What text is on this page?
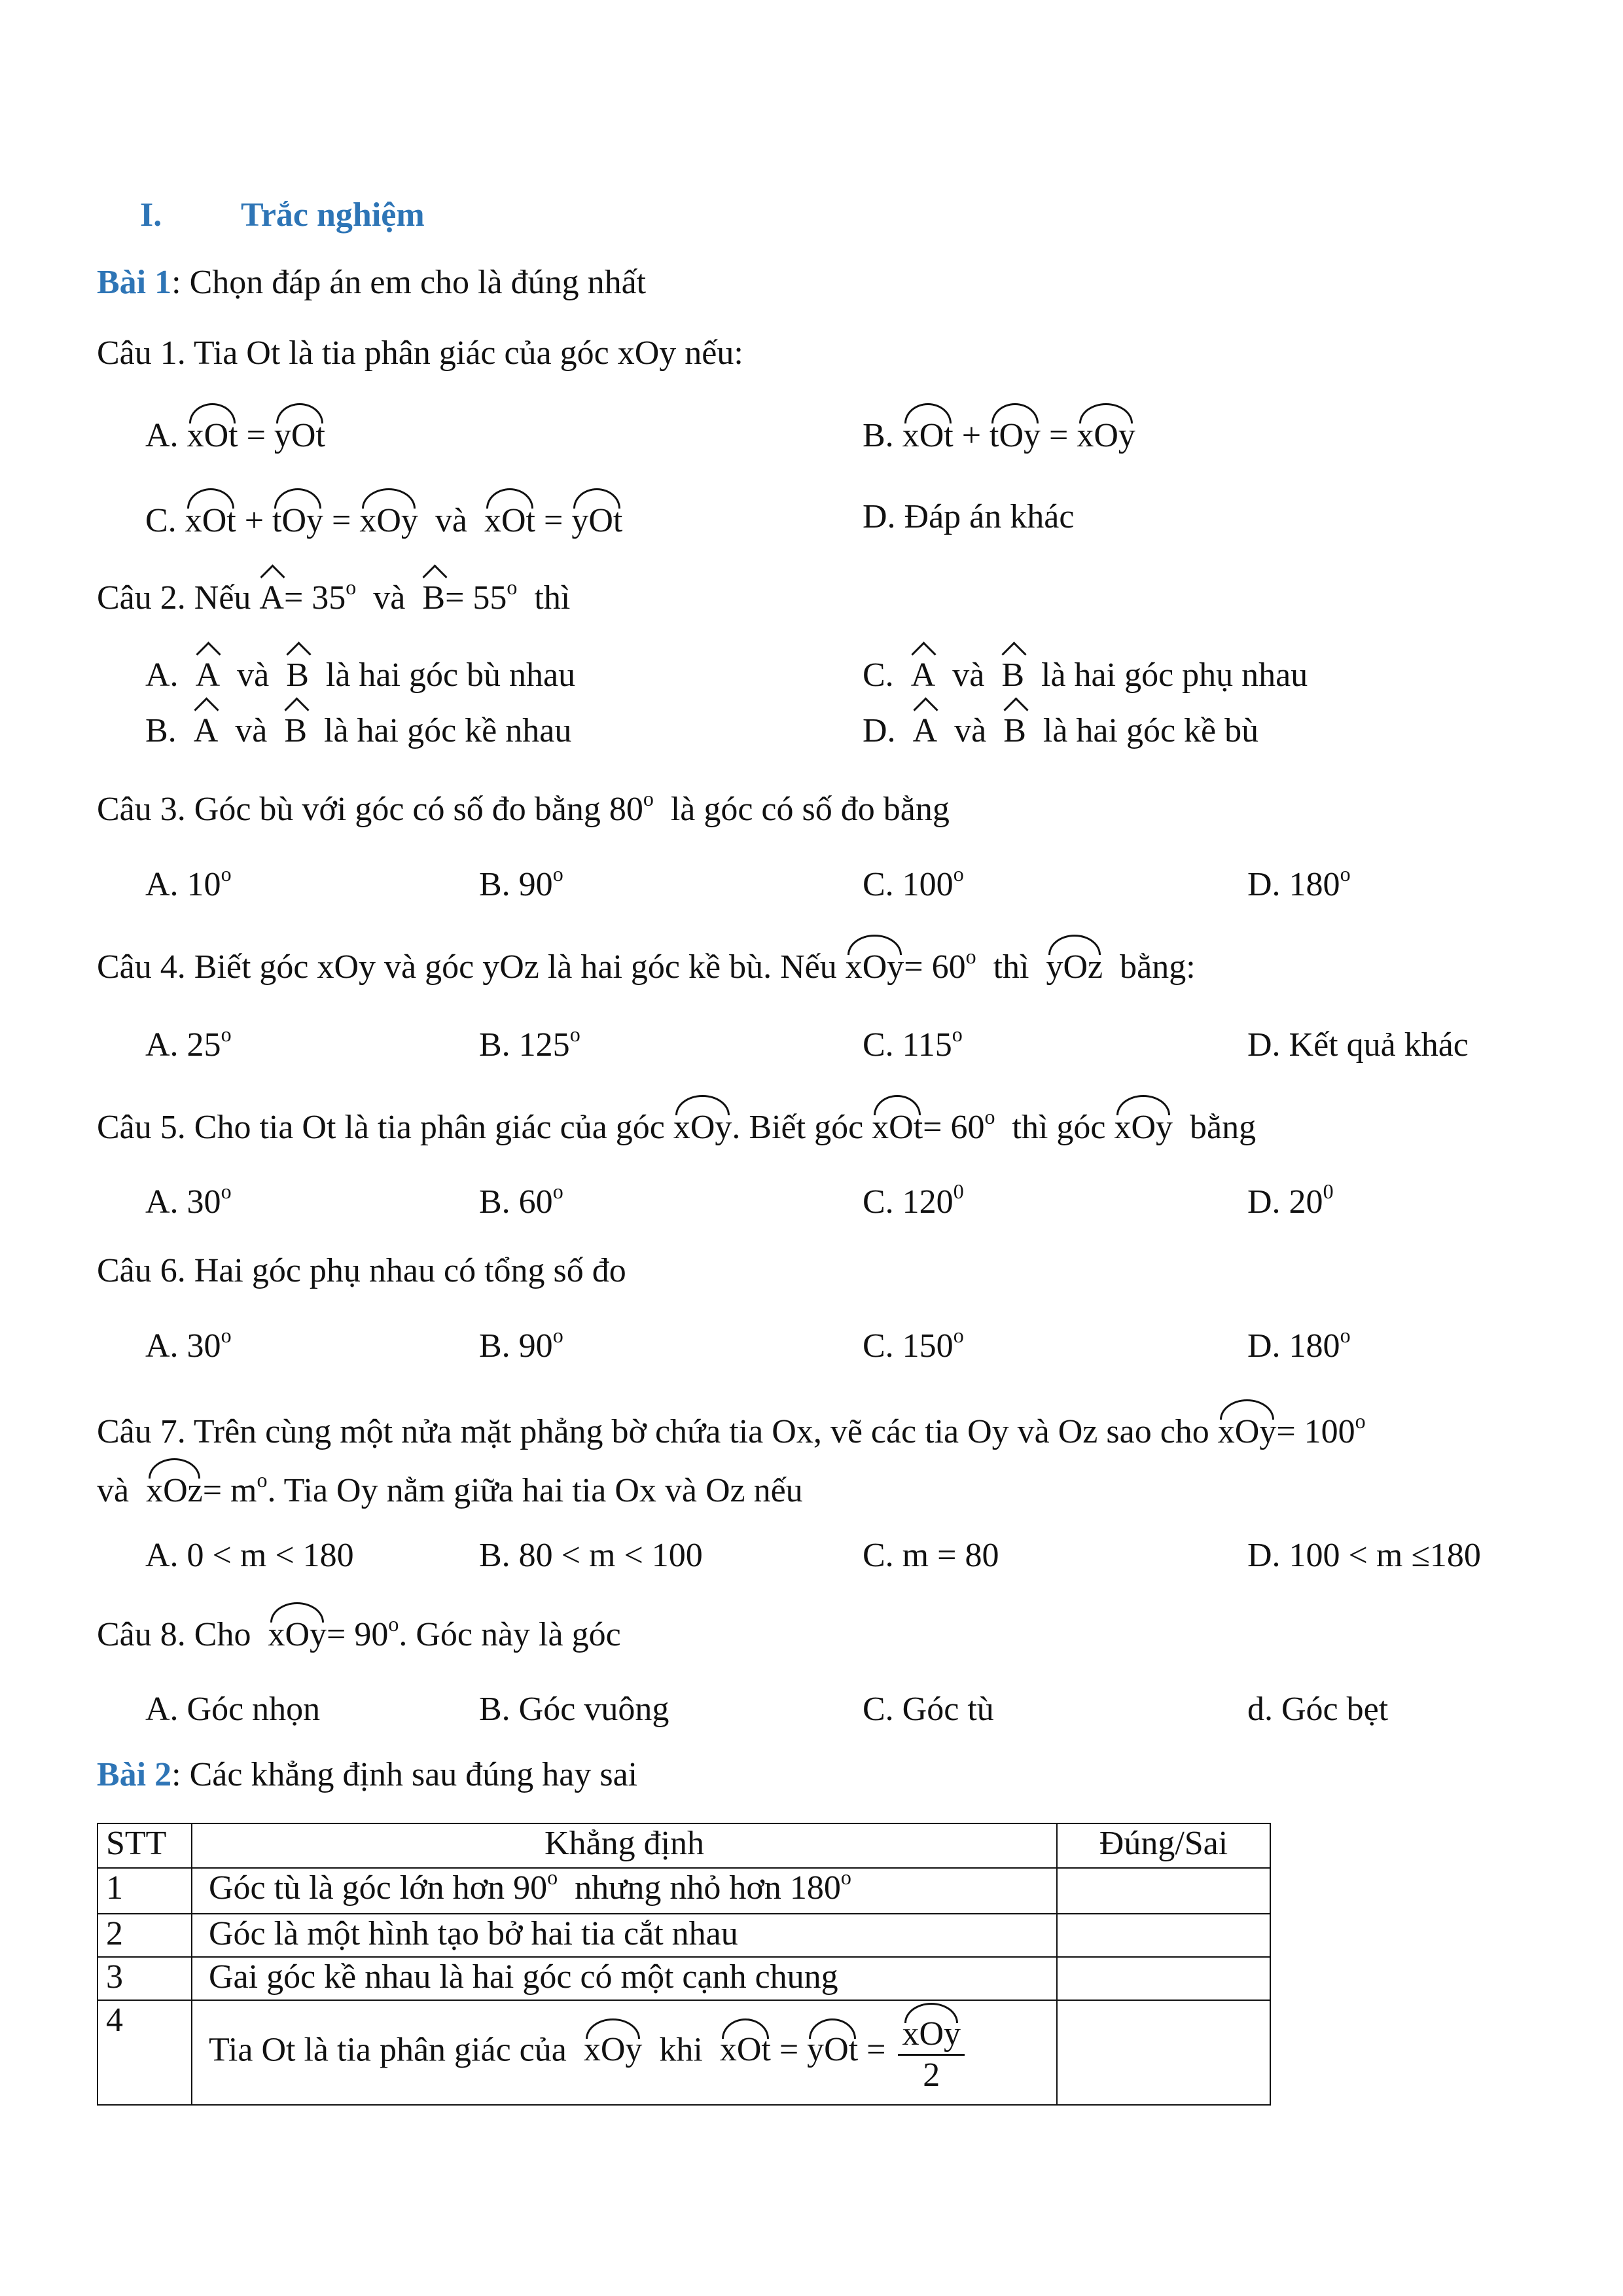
I. Trắc nghiệm
Bài 1: Chọn đáp án em cho là đúng nhất
Câu 1. Tia Ot là tia phân giác của góc xOy nếu:
A. xOt = yOt	B. xOt + tOy = xOy
C. xOt + tOy = xOy và xOt = yOt	D. Đáp án khác
Câu 2. Nếu $A= 35^o$ và $B= 55^o$ thì
A. A và B là hai góc bù nhau
B. A và B là hai góc kề nhau
C. A và B là hai góc phụ nhau
D. A và B là hai góc kề bù
Câu 3. Góc bù với góc có số đo bằng 80$^o$ là góc có số đo bằng
A. 10$^o$	B. 90$^o$	C. 100$^o$	D. 180$^o$
Câu 4. Biết góc xOy và góc yOz là hai góc kề bù. Nếu $xOy= 60^o$ thì yOz bằng:
A. 25$^o$	B. 125$^o$	C. 115$^o$	D. Kết quả khác
Câu 5. Cho tia Ot là tia phân giác của góc xOy. Biết góc $xOt= 60^o$ thì góc xOy bằng
A. 30$^o$	B. 60$^o$	C. $120^0$	D. $20^0$
Câu 6. Hai góc phụ nhau có tổng số đo
A. 30$^o$	B. 90$^o$	C. 150$^o$	D. 180$^o$
Câu 7. Trên cùng một nửa mặt phẳng bờ chứa tia Ox, vẽ các tia Oy và Oz sao cho $xOy= 100^o$
và $xOz= m^o$. Tia Oy nằm giữa hai tia Ox và Oz nếu
A. 0 < m < 180	B. 80 < m < 100	C. m = 80	D. 100 < m ≤180
Câu 8. Cho $xOy= 90^o$. Góc này là góc
A. Góc nhọn	B. Góc vuông	C. Góc tù	d. Góc bẹt
Bài 2: Các khẳng định sau đúng hay sai
STT	Khẳng định	Đúng/Sai
1	Góc tù là góc lớn hơn 90$^o$ nhưng nhỏ hơn 180$^o$	
2	Góc là một hình tạo bở hai tia cắt nhau	
3	Gai góc kề nhau là hai góc có một cạnh chung	
4	Tia Ot là tia phân giác của xOy khi xOt = yOt = $\frac{\text{xOy}}{2}$
